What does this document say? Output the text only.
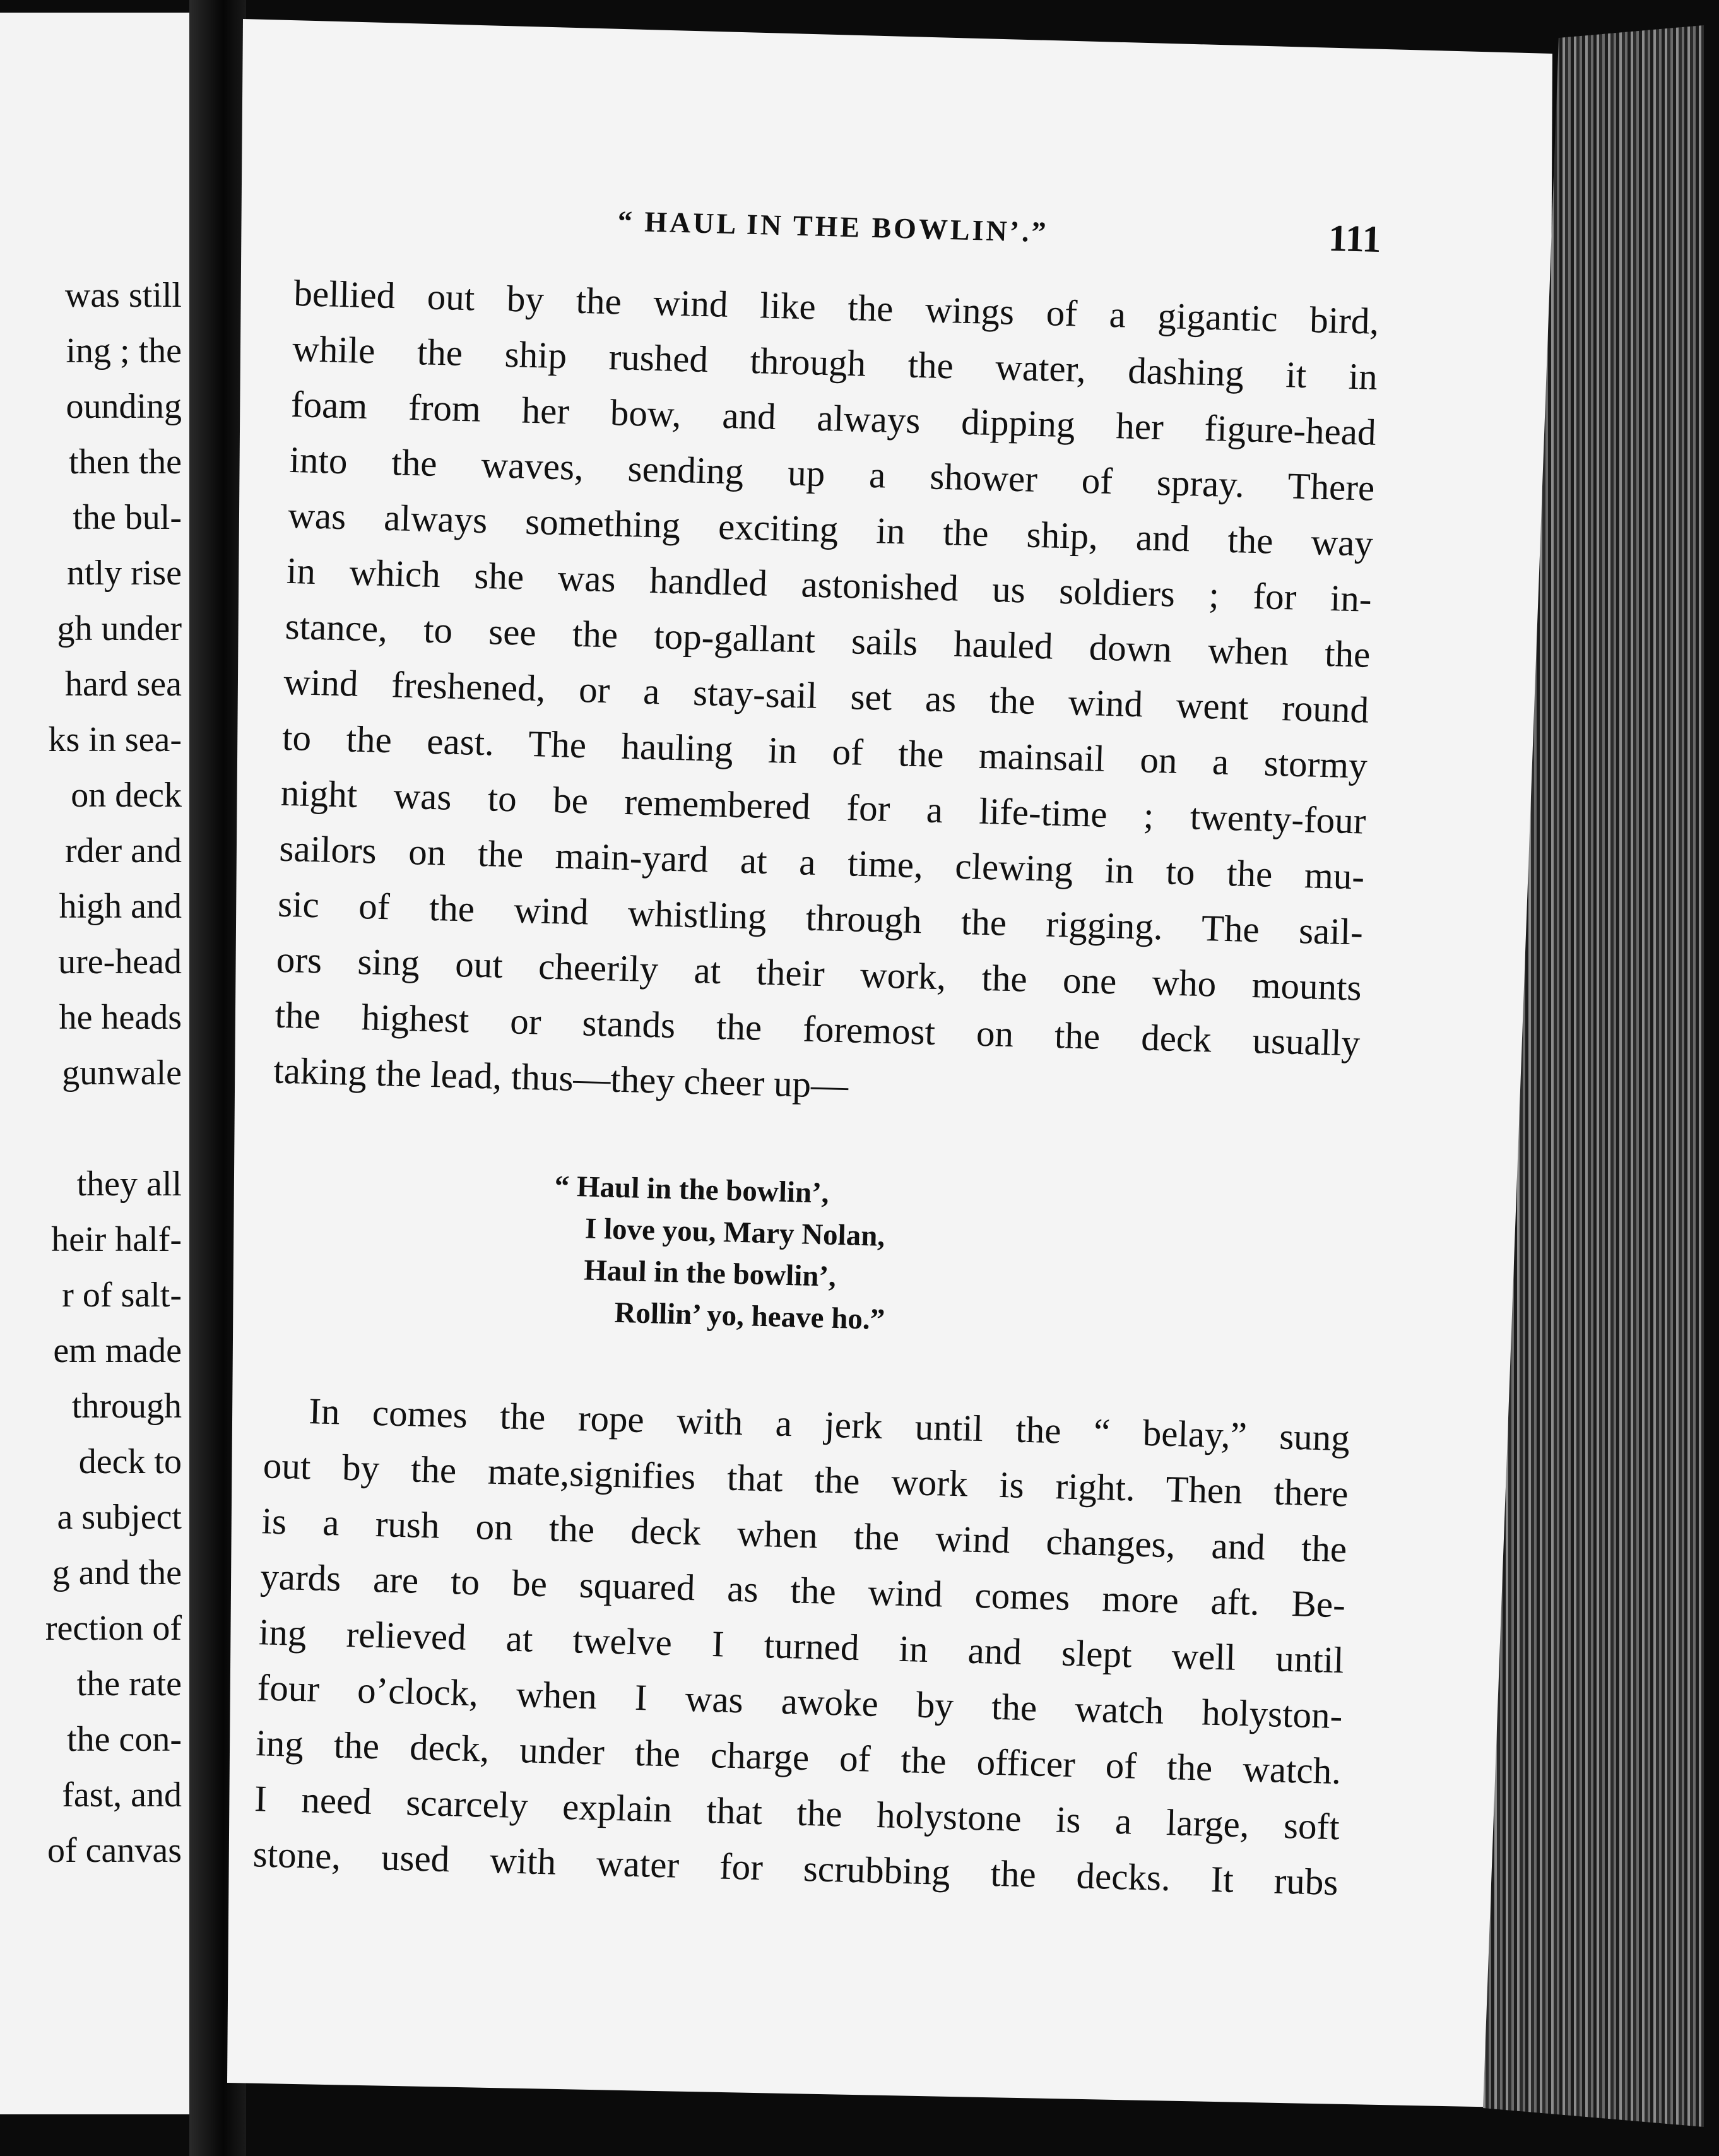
was still
ing ; the
ounding
then the
the bul-
ntly rise
gh under
hard sea
ks in sea-
on deck
rder and
high and
ure-head
he heads
gunwale
they all
heir half-
r of salt-
em made
through
deck to
a subject
g and the
rection of
the rate
the con-
fast, and
of canvas
“ HAUL IN THE BOWLIN’.”	111
bellied out by the wind like the wings of a gigantic bird,
while the ship rushed through the water, dashing it in
foam from her bow, and always dipping her figure-head
into the waves, sending up a shower of spray. There
was always something exciting in the ship, and the way
in which she was handled astonished us soldiers ; for in-
stance, to see the top-gallant sails hauled down when the
wind freshened, or a stay-sail set as the wind went round
to the east. The hauling in of the mainsail on a stormy
night was to be remembered for a life-time ; twenty-four
sailors on the main-yard at a time, clewing in to the mu-
sic of the wind whistling through the rigging. The sail-
ors sing out cheerily at their work, the one who mounts
the highest or stands the foremost on the deck usually
taking the lead, thus—they cheer up—
“ Haul in the bowlin’,
I love you, Mary Nolan,
Haul in the bowlin’,
Rollin’ yo, heave ho.”
In comes the rope with a jerk until the “ belay,” sung
out by the mate,signifies that the work is right. Then there
is a rush on the deck when the wind changes, and the
yards are to be squared as the wind comes more aft. Be-
ing relieved at twelve I turned in and slept well until
four o’clock, when I was awoke by the watch holyston-
ing the deck, under the charge of the officer of the watch.
I need scarcely explain that the holystone is a large, soft
stone, used with water for scrubbing the decks. It rubs
